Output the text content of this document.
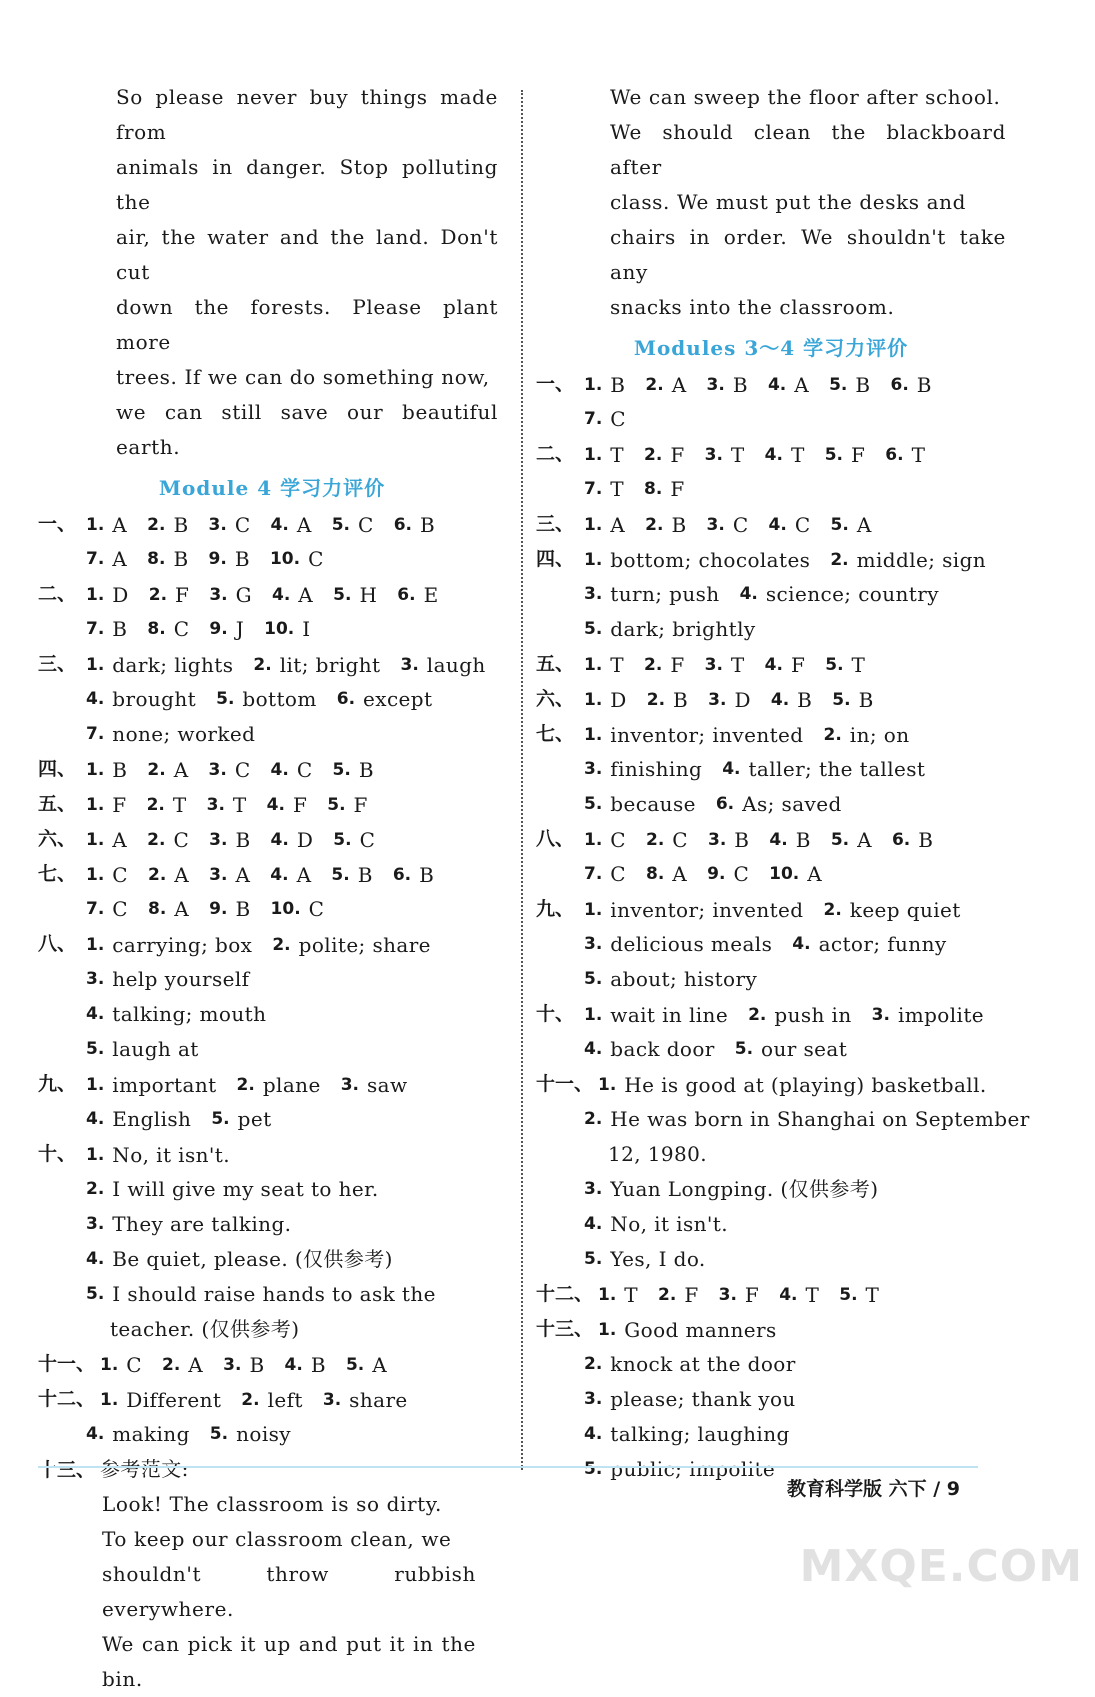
So please never buy things made from
animals in danger. Stop polluting the
air, the water and the land. Don't cut
down the forests. Please plant more
trees. If we can do something now,
we can still save our beautiful earth.
Module 4 学习力评价
一、 1. A 2. B 3. C 4. A 5. C 6. B
7. A 8. B 9. B 10. C
二、 1. D 2. F 3. G 4. A 5. H 6. E
7. B 8. C 9. J 10. I
三、 1. dark; lights 2. lit; bright 3. laugh
4. brought 5. bottom 6. except
7. none; worked
四、 1. B 2. A 3. C 4. C 5. B
五、 1. F 2. T 3. T 4. F 5. F
六、 1. A 2. C 3. B 4. D 5. C
七、 1. C 2. A 3. A 4. A 5. B 6. B
7. C 8. A 9. B 10. C
八、 1. carrying; box 2. polite; share
3. help yourself
4. talking; mouth
5. laugh at
九、 1. important 2. plane 3. saw
4. English 5. pet
十、 1. No, it isn't.
2. I will give my seat to her.
3. They are talking.
4. Be quiet, please. (仅供参考)
5. I should raise hands to ask the
teacher. (仅供参考)
十一、 1. C 2. A 3. B 4. B 5. A
十二、 1. Different 2. left 3. share
4. making 5. noisy
十三、 参考范文:
Look! The classroom is so dirty.
To keep our classroom clean, we
shouldn't throw rubbish everywhere.
We can pick it up and put it in the bin.
We can sweep the floor after school.
We should clean the blackboard after
class. We must put the desks and
chairs in order. We shouldn't take any
snacks into the classroom.
Modules 3～4 学习力评价
一、 1. B 2. A 3. B 4. A 5. B 6. B
7. C
二、 1. T 2. F 3. T 4. T 5. F 6. T
7. T 8. F
三、 1. A 2. B 3. C 4. C 5. A
四、 1. bottom; chocolates 2. middle; sign
3. turn; push 4. science; country
5. dark; brightly
五、 1. T 2. F 3. T 4. F 5. T
六、 1. D 2. B 3. D 4. B 5. B
七、 1. inventor; invented 2. in; on
3. finishing 4. taller; the tallest
5. because 6. As; saved
八、 1. C 2. C 3. B 4. B 5. A 6. B
7. C 8. A 9. C 10. A
九、 1. inventor; invented 2. keep quiet
3. delicious meals 4. actor; funny
5. about; history
十、 1. wait in line 2. push in 3. impolite
4. back door 5. our seat
十一、 1. He is good at (playing) basketball.
2. He was born in Shanghai on September
12, 1980.
3. Yuan Longping. (仅供参考)
4. No, it isn't.
5. Yes, I do.
十二、 1. T 2. F 3. F 4. T 5. T
十三、 1. Good manners
2. knock at the door
3. please; thank you
4. talking; laughing
5. public; impolite
教育科学版 六下 / 9
MXQE.COM
